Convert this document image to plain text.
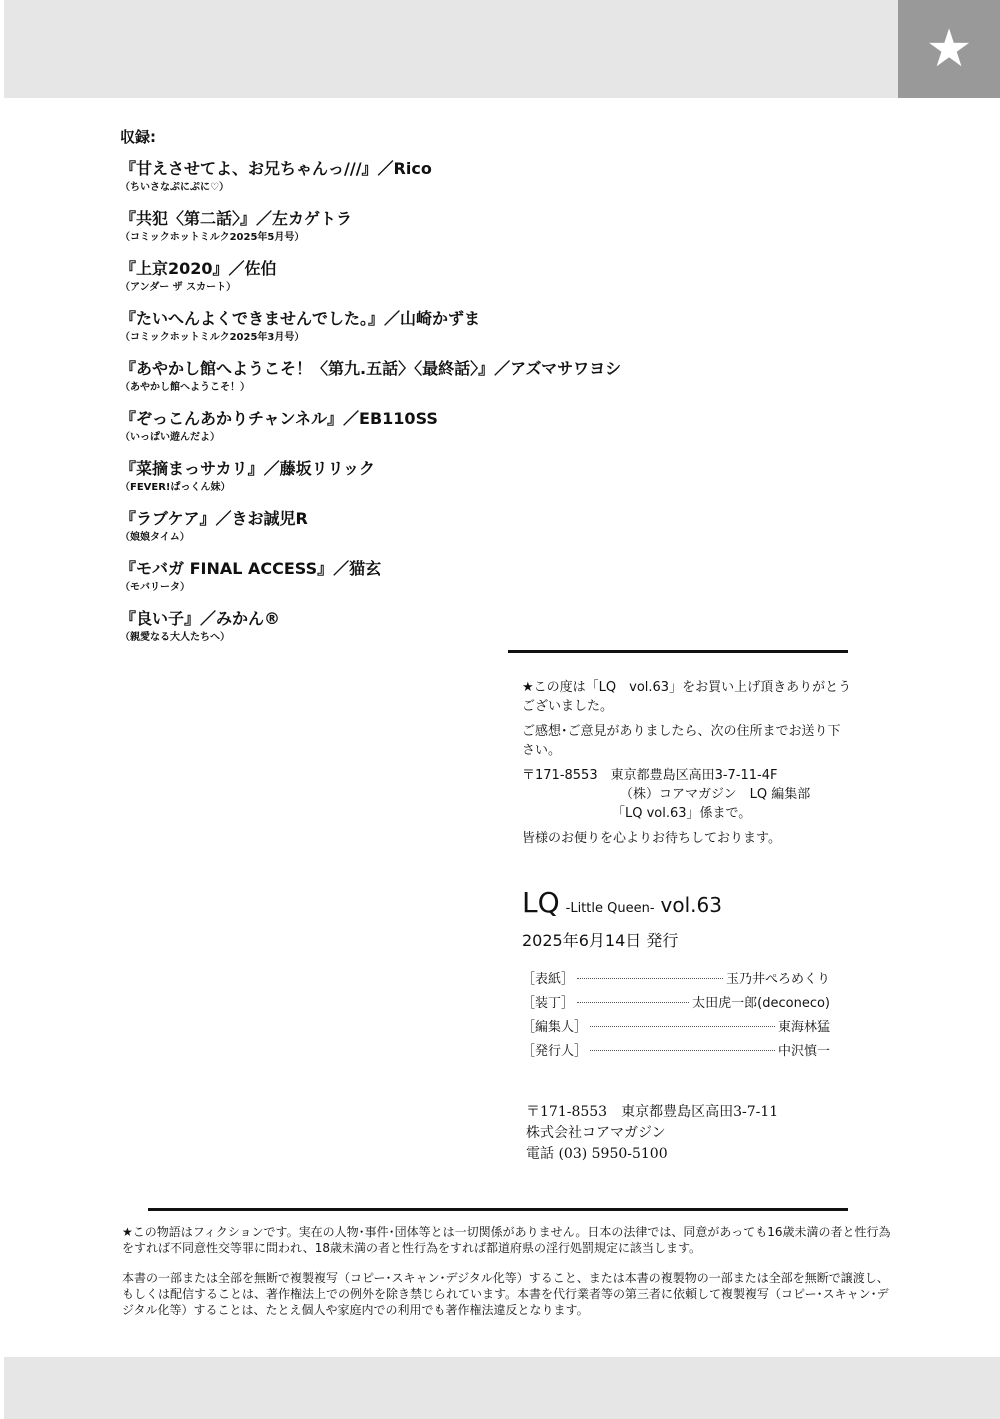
★
収録:
『甘えさせてよ、お兄ちゃんっ///』／Rico
（ちいさなぷにぷに♡）
『共犯〈第二話〉』／左カゲトラ
（コミックホットミルク2025年5月号）
『上京2020』／佐伯
（アンダー ザ スカート）
『たいへんよくできませんでした。』／山崎かずま
（コミックホットミルク2025年3月号）
『あやかし館へようこそ！〈第九.五話〉〈最終話〉』／アズマサワヨシ
（あやかし館へようこそ！）
『ぞっこんあかりチャンネル』／EB110SS
（いっぱい遊んだよ）
『菜摘まっサカリ』／藤坂リリック
（FEVER!ぱっくん妹）
『ラブケア』／きお誠児R
（娘娘タイム）
『モバガ FINAL ACCESS』／猫玄
（モバリータ）
『良い子』／みかん®
（親愛なる大人たちへ）

★この度は「LQ　vol.63」をお買い上げ頂きありがとうございました。

ご感想･ご意見がありましたら、次の住所までお送り下さい。

〒171-8553　東京都豊島区高田3-7-11-4F
（株）コアマガジン　LQ 編集部
「LQ vol.63」係まで。
皆様のお便りを心よりお待ちしております。
LQ -Little Queen- vol.63
2025年6月14日 発行
［表紙］	玉乃井ぺろめくり
［装丁］	太田虎一郎(deconeco)
［編集人］	東海林猛
［発行人］	中沢慎一
〒171-8553　東京都豊島区高田3-7-11
株式会社コアマガジン
電話 (03) 5950-5100

★この物語はフィクションです。実在の人物･事件･団体等とは一切関係がありません。日本の法律では、同意があっても16歳未満の者と性行為をすれば不同意性交等罪に問われ、18歳未満の者と性行為をすれば都道府県の淫行処罰規定に該当します。

本書の一部または全部を無断で複製複写（コピー･スキャン･デジタル化等）すること、または本書の複製物の一部または全部を無断で譲渡し、もしくは配信することは、著作権法上での例外を除き禁じられています。本書を代行業者等の第三者に依頼して複製複写（コピー･スキャン･デジタル化等）することは、たとえ個人や家庭内での利用でも著作権法違反となります。
